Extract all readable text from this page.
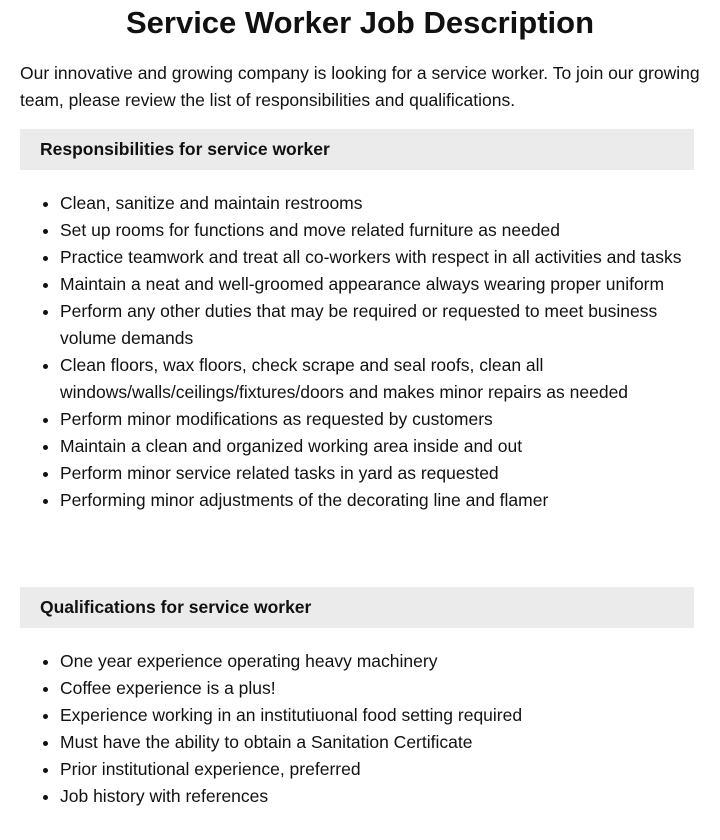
Service Worker Job Description

Our innovative and growing company is looking for a service worker. To join our growing team, please review the list of responsibilities and qualifications.

Responsibilities for service worker
Clean, sanitize and maintain restrooms
Set up rooms for functions and move related furniture as needed
Practice teamwork and treat all co-workers with respect in all activities and tasks
Maintain a neat and well-groomed appearance always wearing proper uniform
Perform any other duties that may be required or requested to meet business volume demands
Clean floors, wax floors, check scrape and seal roofs, clean all windows/walls/ceilings/fixtures/doors and makes minor repairs as needed
Perform minor modifications as requested by customers
Maintain a clean and organized working area inside and out
Perform minor service related tasks in yard as requested
Performing minor adjustments of the decorating line and flamer
Qualifications for service worker
One year experience operating heavy machinery
Coffee experience is a plus!
Experience working in an institutiuonal food setting required
Must have the ability to obtain a Sanitation Certificate
Prior institutional experience, preferred
Job history with references
